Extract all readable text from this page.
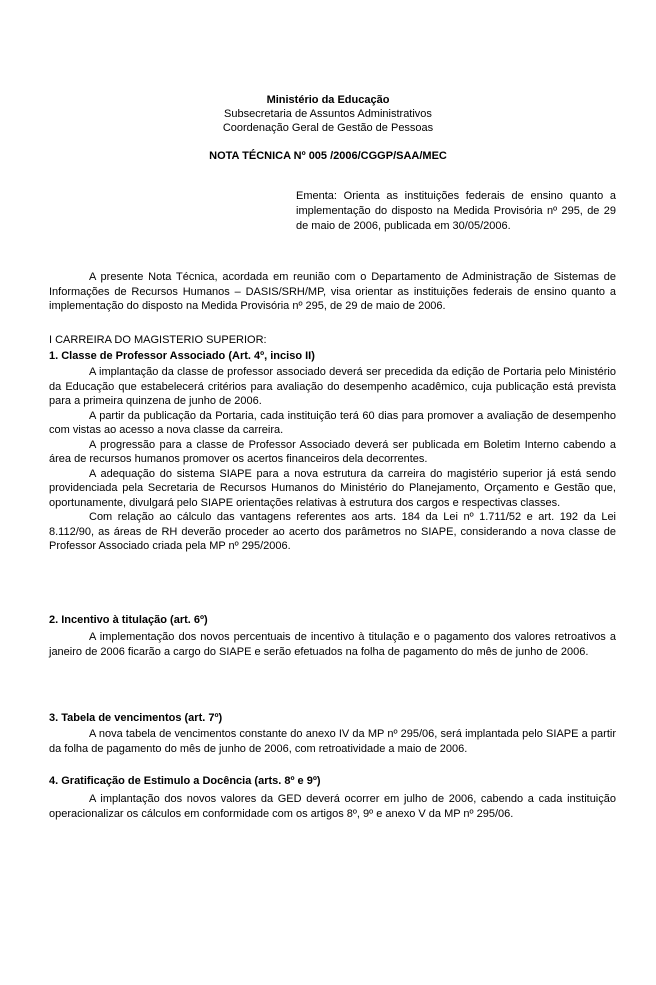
Ministério da Educação
Subsecretaria de Assuntos Administrativos
Coordenação Geral de Gestão de Pessoas
NOTA TÉCNICA Nº 005 /2006/CGGP/SAA/MEC
Ementa: Orienta as instituições federais de ensino quanto a implementação do disposto na Medida Provisória nº 295, de 29 de maio de 2006, publicada em 30/05/2006.

A presente Nota Técnica, acordada em reunião com o Departamento de Administração de Sistemas de Informações de Recursos Humanos – DASIS/SRH/MP, visa orientar as instituições federais de ensino quanto a implementação do disposto na Medida Provisória nº 295, de 29 de maio de 2006.

I CARREIRA DO MAGISTERIO SUPERIOR:
1. Classe de Professor Associado (Art. 4º, inciso II)

A implantação da classe de professor associado deverá ser precedida da edição de Portaria pelo Ministério da Educação que estabelecerá critérios para avaliação do desempenho acadêmico, cuja publicação está prevista para a primeira quinzena de junho de 2006.

A partir da publicação da Portaria, cada instituição terá 60 dias para promover a avaliação de desempenho com vistas ao acesso a nova classe da carreira.

A progressão para a classe de Professor Associado deverá ser publicada em Boletim Interno cabendo a área de recursos humanos promover os acertos financeiros dela decorrentes.

A adequação do sistema SIAPE para a nova estrutura da carreira do magistério superior já está sendo providenciada pela Secretaria de Recursos Humanos do Ministério do Planejamento, Orçamento e Gestão que, oportunamente, divulgará pelo SIAPE orientações relativas à estrutura dos cargos e respectivas classes.

Com relação ao cálculo das vantagens referentes aos arts. 184 da Lei nº 1.711/52 e art. 192 da Lei 8.112/90, as áreas de RH deverão proceder ao acerto dos parâmetros no SIAPE, considerando a nova classe de Professor Associado criada pela MP nº 295/2006.

2. Incentivo à titulação (art. 6º)

A implementação dos novos percentuais de incentivo à titulação e o pagamento dos valores retroativos a janeiro de 2006 ficarão a cargo do SIAPE e serão efetuados na folha de pagamento do mês de junho de 2006.

3. Tabela de vencimentos (art. 7º)

A nova tabela de vencimentos constante do anexo IV da MP nº 295/06, será implantada pelo SIAPE a partir da folha de pagamento do mês de junho de 2006, com retroatividade a maio de 2006.

4. Gratificação de Estimulo a Docência (arts. 8º e 9º)

A implantação dos novos valores da GED deverá ocorrer em julho de 2006, cabendo a cada instituição operacionalizar os cálculos em conformidade com os artigos 8º, 9º e anexo V da MP nº 295/06.
